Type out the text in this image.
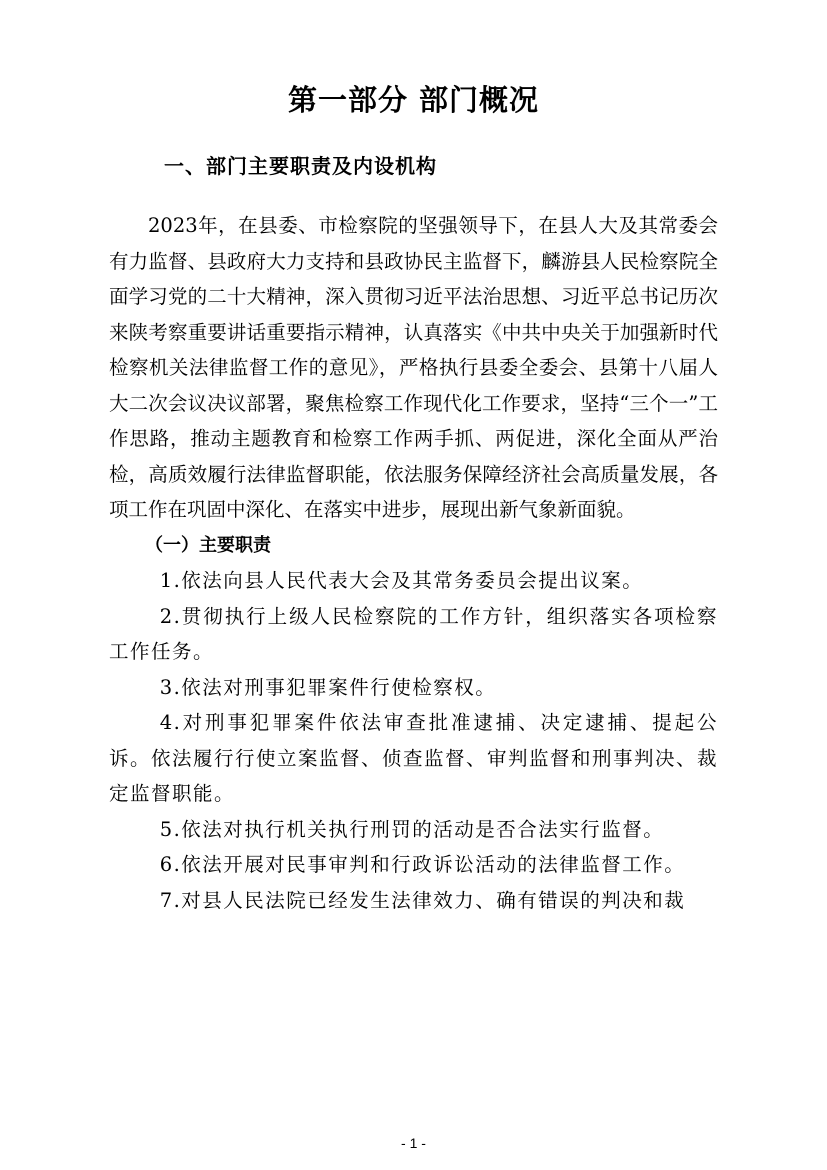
第一部分 部门概况
一、部门主要职责及内设机构

2023年，在县委、市检察院的坚强领导下，在县人大及其常委会有力监督、县政府大力支持和县政协民主监督下，麟游县人民检察院全面学习党的二十大精神，深入贯彻习近平法治思想、习近平总书记历次来陕考察重要讲话重要指示精神，认真落实《中共中央关于加强新时代检察机关法律监督工作的意见》，严格执行县委全委会、县第十八届人大二次会议决议部署，聚焦检察工作现代化工作要求，坚持“三个一”工作思路，推动主题教育和检察工作两手抓、两促进，深化全面从严治检，高质效履行法律监督职能，依法服务保障经济社会高质量发展，各项工作在巩固中深化、在落实中进步，展现出新气象新面貌。

（一）主要职责

1.依法向县人民代表大会及其常务委员会提出议案。

2.贯彻执行上级人民检察院的工作方针，组织落实各项检察工作任务。

3.依法对刑事犯罪案件行使检察权。

4.对刑事犯罪案件依法审查批准逮捕、决定逮捕、提起公诉。依法履行行使立案监督、侦查监督、审判监督和刑事判决、裁定监督职能。

5.依法对执行机关执行刑罚的活动是否合法实行监督。

6.依法开展对民事审判和行政诉讼活动的法律监督工作。

7.对县人民法院已经发生法律效力、确有错误的判决和裁

- 1 -
